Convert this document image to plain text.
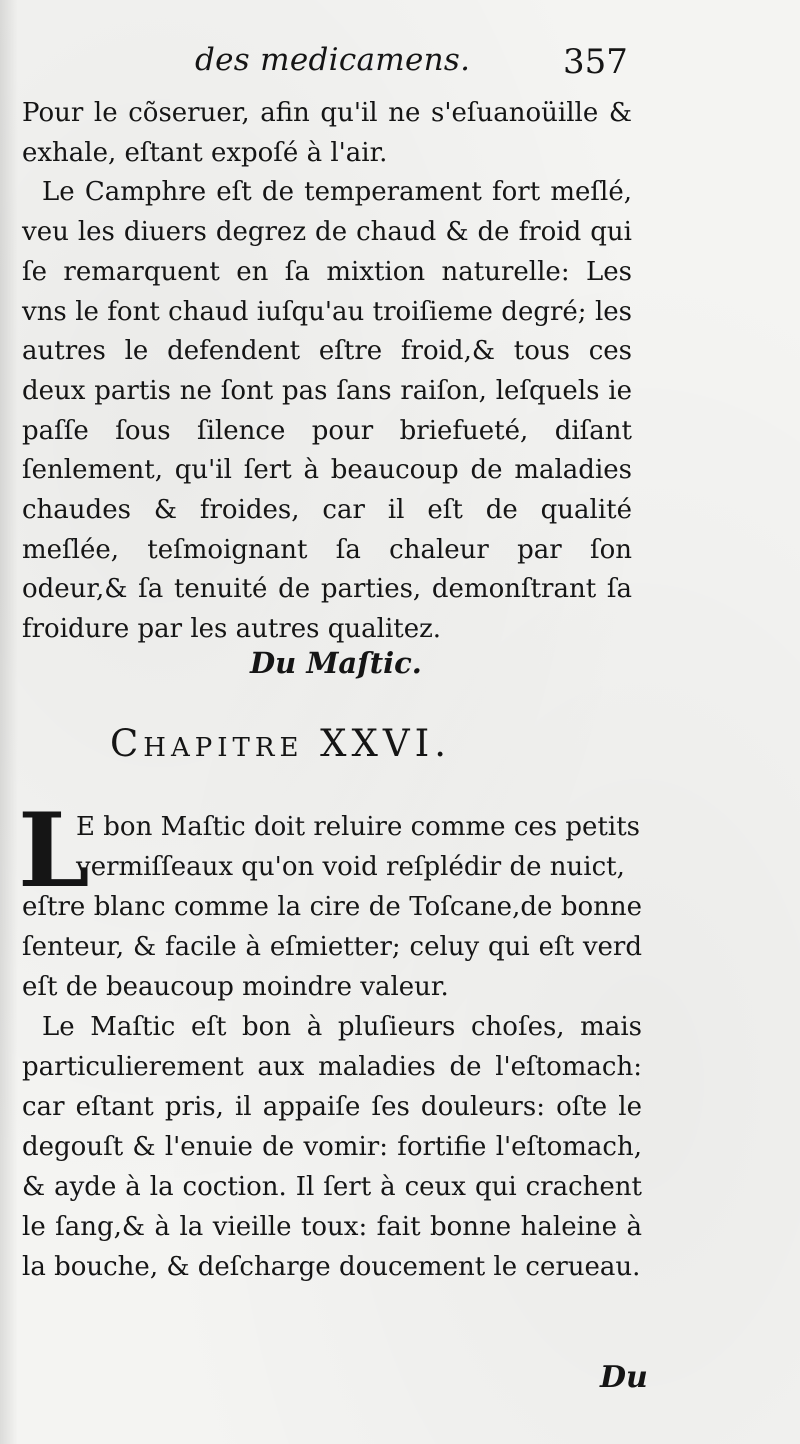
des medicamens.	357

Pour le cõseruer, afin qu'il ne s'eſuanoüille & exhale, eſtant expoſé à l'air.

Le Camphre eſt de temperament fort meſlé, veu les diuers degrez de chaud & de froid qui ſe remarquent en ſa mixtion naturelle: Les vns le font chaud iuſqu'au troiſieme degré; les autres le defendent eſtre froid,& tous ces deux partis ne ſont pas ſans raiſon, leſquels ie paſſe ſous ſilence pour briefueté, diſant ſenlement, qu'il ſert à beaucoup de maladies chaudes & froides, car il eſt de qualité meſlée, teſmoignant ſa chaleur par ſon odeur,& ſa tenuité de parties, demonſtrant ſa froidure par les autres qualitez.

Du Maſtic.
Chapitre XXVI.
L
E bon Maſtic doit reluire comme ces petits vermiſſeaux qu'on void reſplédir de nuict,

eſtre blanc comme la cire de Toſcane,de bonne ſenteur, & facile à eſmietter; celuy qui eſt verd eſt de beaucoup moindre valeur.

Le Maſtic eſt bon à pluſieurs choſes, mais particulierement aux maladies de l'eſtomach: car eſtant pris, il appaiſe ſes douleurs: oſte le degouſt & l'enuie de vomir: fortifie l'eſtomach, & ayde à la coction. Il ſert à ceux qui crachent le ſang,& à la vieille toux: fait bonne haleine à la bouche, & deſcharge doucement le cerueau.

Du
